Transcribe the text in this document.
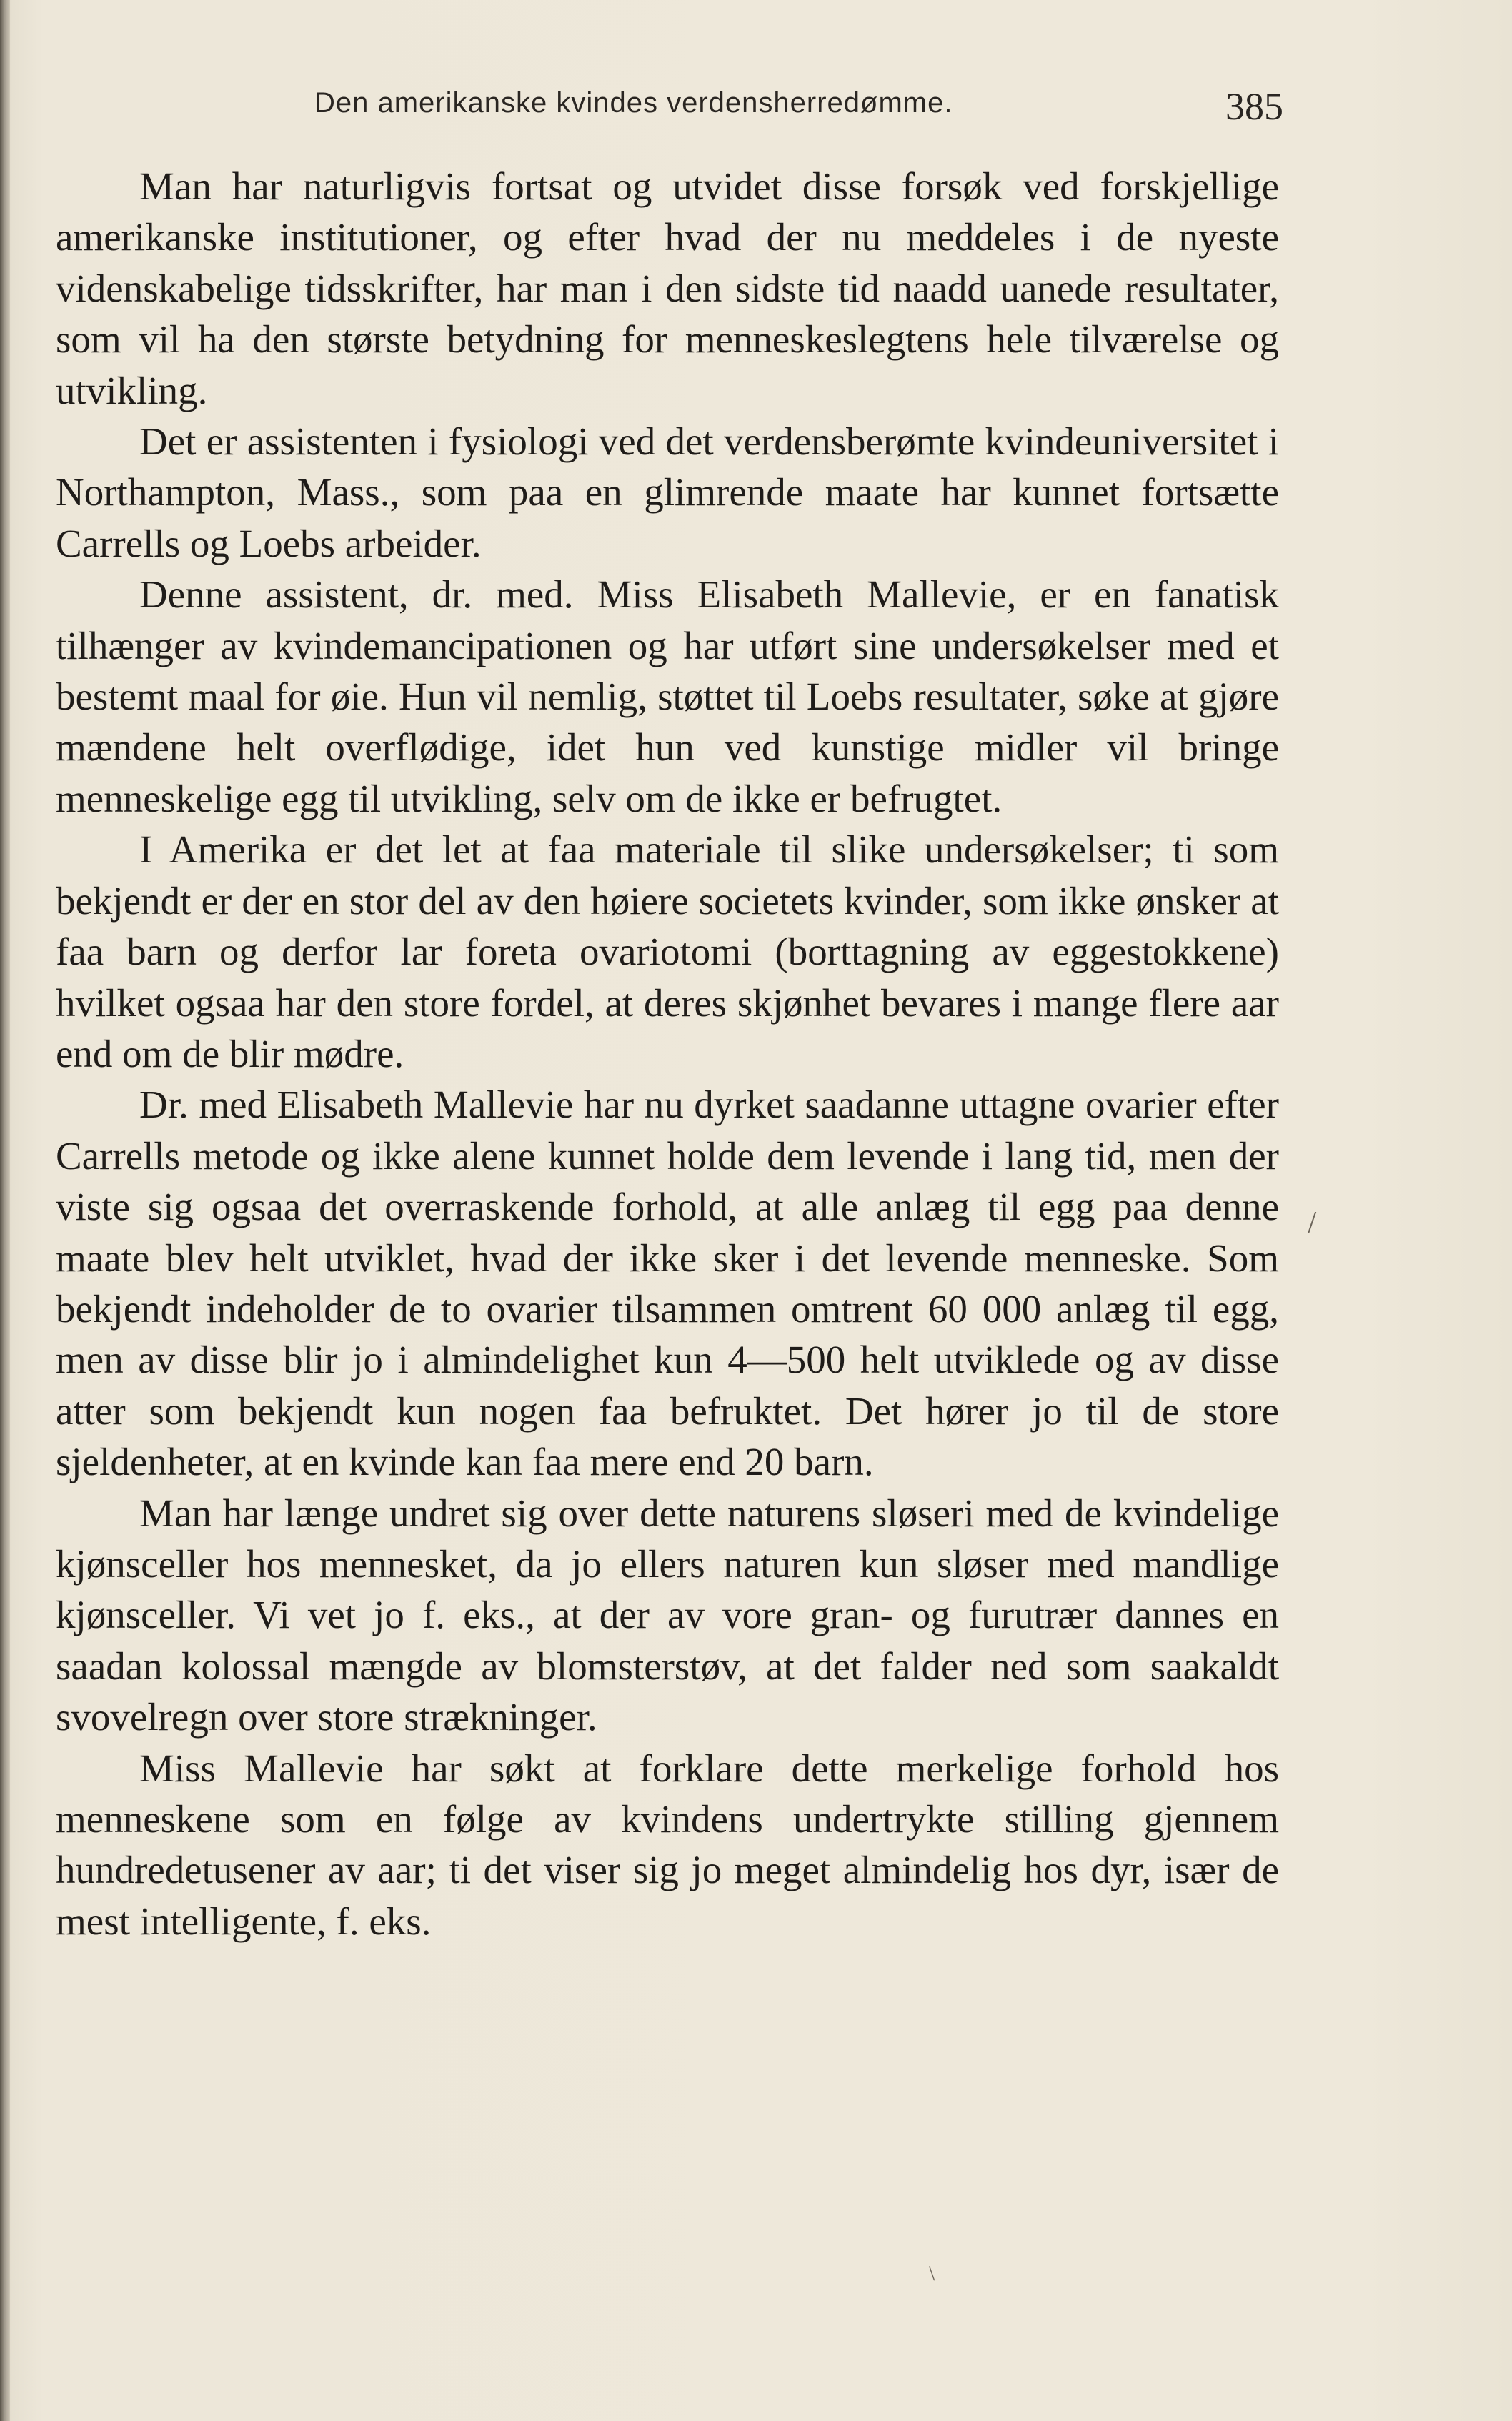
Den amerikanske kvindes verdensherredømme.	385

Man har naturligvis fortsat og utvidet disse forsøk ved forskjellige amerikanske institutioner, og efter hvad der nu meddeles i de nyeste videnskabelige tidsskrifter, har man i den sidste tid naadd uanede resultater, som vil ha den største betydning for menneskeslegtens hele tilværelse og utvikling.

Det er assistenten i fysiologi ved det verdensberømte kvindeuniversitet i Northampton, Mass., som paa en glimrende maate har kunnet fortsætte Carrells og Loebs arbeider.

Denne assistent, dr. med. Miss Elisabeth Mallevie, er en fanatisk tilhænger av kvindemancipationen og har utført sine undersøkelser med et bestemt maal for øie. Hun vil nemlig, støttet til Loebs resultater, søke at gjøre mændene helt overflødige, idet hun ved kunstige midler vil bringe menneskelige egg til utvikling, selv om de ikke er befrugtet.

I Amerika er det let at faa materiale til slike undersøkelser; ti som bekjendt er der en stor del av den høiere societets kvinder, som ikke ønsker at faa barn og derfor lar foreta ovariotomi (borttagning av eggestokkene) hvilket ogsaa har den store fordel, at deres skjønhet bevares i mange flere aar end om de blir mødre.

Dr. med Elisabeth Mallevie har nu dyrket saadanne uttagne ovarier efter Carrells metode og ikke alene kunnet holde dem levende i lang tid, men der viste sig ogsaa det overraskende forhold, at alle anlæg til egg paa denne maate blev helt utviklet, hvad der ikke sker i det levende menneske. Som bekjendt indeholder de to ovarier tilsammen omtrent 60 000 anlæg til egg, men av disse blir jo i almindelighet kun 4—500 helt utviklede og av disse atter som bekjendt kun nogen faa befruktet. Det hører jo til de store sjeldenheter, at en kvinde kan faa mere end 20 barn.

Man har længe undret sig over dette naturens sløseri med de kvindelige kjønsceller hos mennesket, da jo ellers naturen kun sløser med mandlige kjønsceller. Vi vet jo f. eks., at der av vore gran- og furutrær dannes en saadan kolossal mængde av blomsterstøv, at det falder ned som saakaldt svovelregn over store strækninger.

Miss Mallevie har søkt at forklare dette merkelige forhold hos menneskene som en følge av kvindens undertrykte stilling gjennem hundredetusener av aar; ti det viser sig jo meget almindelig hos dyr, især de mest intelligente, f. eks.

/
\
